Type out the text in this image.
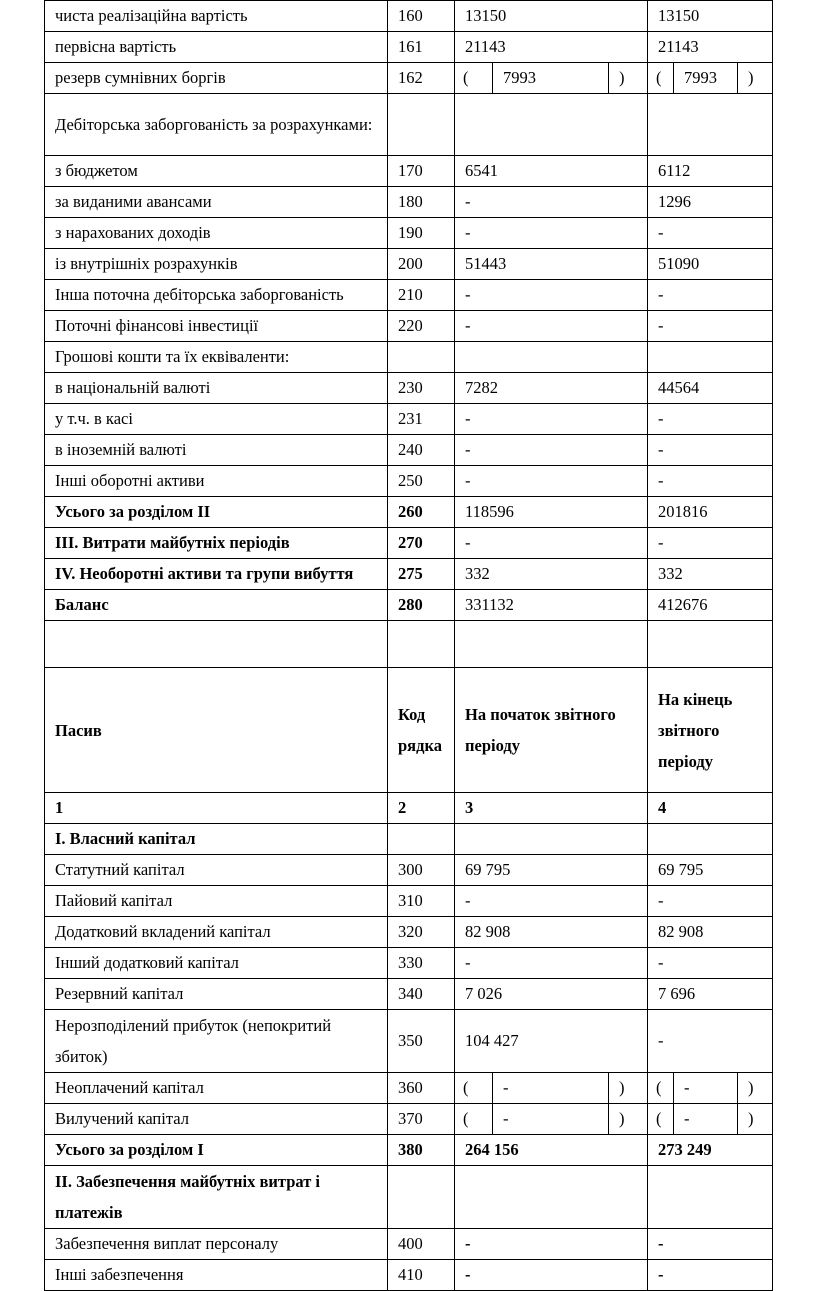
чиста реалізаційна вартість	160	13150	13150
первісна вартість	161	21143	21143
резерв сумнівних боргів	162	( 7993 )	( 7993 )

Дебіторська заборгованість за розрахунками:			
з бюджетом	170	6541	6112
за виданими авансами	180	-	1296
з нарахованих доходів	190	-	-
із внутрішніх розрахунків	200	51443	51090
Інша поточна дебіторська заборгованість	210	-	-
Поточні фінансові інвестиції	220	-	-
Грошові кошти та їх еквіваленти:			
в національній валюті	230	7282	44564
у т.ч. в касі	231	-	-
в іноземній валюті	240	-	-
Інші оборотні активи	250	-	-
Усього за розділом ІІ	260	118596	201816
ІІІ. Витрати майбутніх періодів	270	-	-
ІV. Необоротні активи та групи вибуття	275	332	332
Баланс	280	331132	412676

Пасив	Код рядка	На початок звітного періоду	На кінець звітного періоду
1	2	3	4
І. Власний капітал			
Статутний капітал	300	69 795	69 795
Пайовий капітал	310	-	-
Додатковий вкладений капітал	320	82 908	82 908
Інший додатковий капітал	330	-	-
Резервний капітал	340	7 026	7 696
Нерозподілений прибуток (непокритий збиток)	350	104 427	-
Неоплачений капітал	360	( - )	( - )

Вилучений капітал	370	( - )	( - )

Усього за розділом І	380	264 156	273 249
ІІ. Забезпечення майбутніх витрат і платежів			
Забезпечення виплат персоналу	400	-	-
Інші забезпечення	410	-	-
